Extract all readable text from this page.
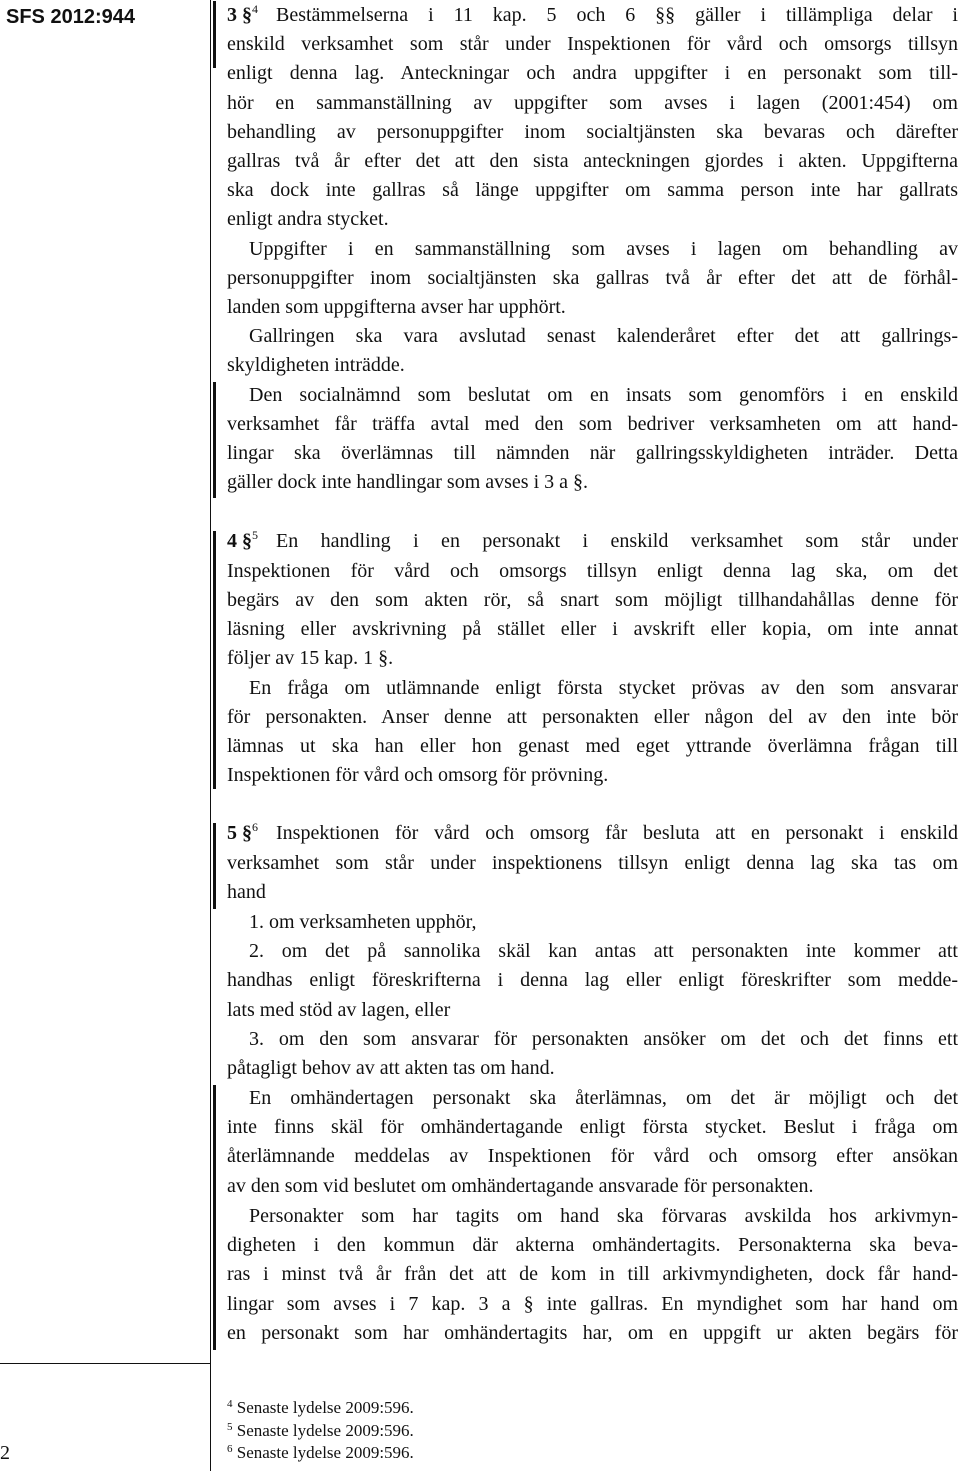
SFS 2012:944
2
3 §$^4$ Bestämmelserna i 11 kap. 5 och 6 §§ gäller i tillämpliga delar i
enskild verksamhet som står under Inspektionen för vård och omsorgs tillsyn
enligt denna lag. Anteckningar och andra uppgifter i en personakt som till-
hör en sammanställning av uppgifter som avses i lagen (2001:454) om
behandling av personuppgifter inom socialtjänsten ska bevaras och därefter
gallras två år efter det att den sista anteckningen gjordes i akten. Uppgifterna
ska dock inte gallras så länge uppgifter om samma person inte har gallrats
enligt andra stycket.
Uppgifter i en sammanställning som avses i lagen om behandling av
personuppgifter inom socialtjänsten ska gallras två år efter det att de förhål-
landen som uppgifterna avser har upphört.
Gallringen ska vara avslutad senast kalenderåret efter det att gallrings-
skyldigheten inträdde.
Den socialnämnd som beslutat om en insats som genomförs i en enskild
verksamhet får träffa avtal med den som bedriver verksamheten om att hand-
lingar ska överlämnas till nämnden när gallringsskyldigheten inträder. Detta
gäller dock inte handlingar som avses i 3 a §.
4 §$^5$ En handling i en personakt i enskild verksamhet som står under
Inspektionen för vård och omsorgs tillsyn enligt denna lag ska, om det
begärs av den som akten rör, så snart som möjligt tillhandahållas denne för
läsning eller avskrivning på stället eller i avskrift eller kopia, om inte annat
följer av 15 kap. 1 §.
En fråga om utlämnande enligt första stycket prövas av den som ansvarar
för personakten. Anser denne att personakten eller någon del av den inte bör
lämnas ut ska han eller hon genast med eget yttrande överlämna frågan till
Inspektionen för vård och omsorg för prövning.
5 §$^6$ Inspektionen för vård och omsorg får besluta att en personakt i enskild
verksamhet som står under inspektionens tillsyn enligt denna lag ska tas om
hand
1. om verksamheten upphör,
2. om det på sannolika skäl kan antas att personakten inte kommer att
handhas enligt föreskrifterna i denna lag eller enligt föreskrifter som medde-
lats med stöd av lagen, eller
3. om den som ansvarar för personakten ansöker om det och det finns ett
påtagligt behov av att akten tas om hand.
En omhändertagen personakt ska återlämnas, om det är möjligt och det
inte finns skäl för omhändertagande enligt första stycket. Beslut i fråga om
återlämnande meddelas av Inspektionen för vård och omsorg efter ansökan
av den som vid beslutet om omhändertagande ansvarade för personakten.
Personakter som har tagits om hand ska förvaras avskilda hos arkivmyn-
digheten i den kommun där akterna omhändertagits. Personakterna ska beva-
ras i minst två år från det att de kom in till arkivmyndigheten, dock får hand-
lingar som avses i 7 kap. 3 a § inte gallras. En myndighet som har hand om
en personakt som har omhändertagits har, om en uppgift ur akten begärs för
$^4$ Senaste lydelse 2009:596.
$^5$ Senaste lydelse 2009:596.
$^6$ Senaste lydelse 2009:596.
